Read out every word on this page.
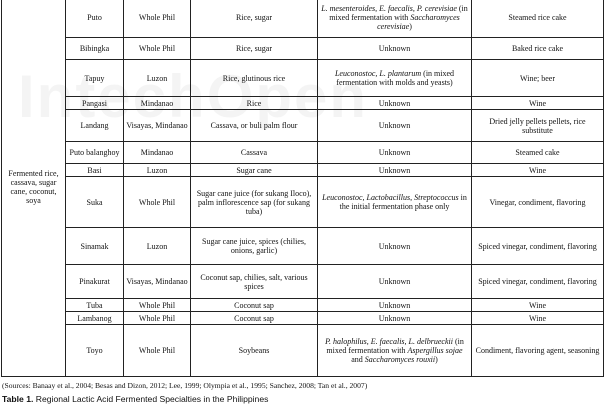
Fermented rice, cassava, sugar cane, coconut, soya	Puto	Whole Phil	Rice, sugar	L. mesenteroides, E. faecalis, P. cerevisiae (in mixed fermentation with Saccharomyces cerevisiae)	Steamed rice cake
	Bibingka	Whole Phil	Rice, sugar	Unknown	Baked rice cake
	Tapuy	Luzon	Rice, glutinous rice	Leuconostoc, L. plantarum (in mixed fermentation with molds and yeasts)	Wine; beer
	Pangasi	Mindanao	Rice	Unknown	Wine
	Landang	Visayas, Mindanao	Cassava, or buli palm flour	Unknown	Dried jelly pellets pellets, rice substitute
	Puto balanghoy	Mindanao	Cassava	Unknown	Steamed cake
	Basi	Luzon	Sugar cane	Unknown	Wine
	Suka	Whole Phil	Sugar cane juice (for sukang Iloco), palm inflorescence sap (for sukang tuba)	Leuconostoc, Lactobacillus, Streptococcus in the initial fermentation phase only	Vinegar, condiment, flavoring
	Sinamak	Luzon	Sugar cane juice, spices (chilies, onions, garlic)	Unknown	Spiced vinegar, condiment, flavoring
	Pinakurat	Visayas, Mindanao	Coconut sap, chilies, salt, various spices	Unknown	Spiced vinegar, condiment, flavoring
	Tuba	Whole Phil	Coconut sap	Unknown	Wine
	Lambanog	Whole Phil	Coconut sap	Unknown	Wine
	Toyo	Whole Phil	Soybeans	P. halophilus, E. faecalis, L. delbrueckii (in mixed fermentation with Aspergillus sojae and Saccharomyces rouxii)	Condiment, flavoring agent, seasoning
(Sources: Banaay et al., 2004; Besas and Dizon, 2012; Lee, 1999; Olympia et al., 1995; Sanchez, 2008; Tan et al., 2007)
Table 1. Regional Lactic Acid Fermented Specialties in the Philippines
